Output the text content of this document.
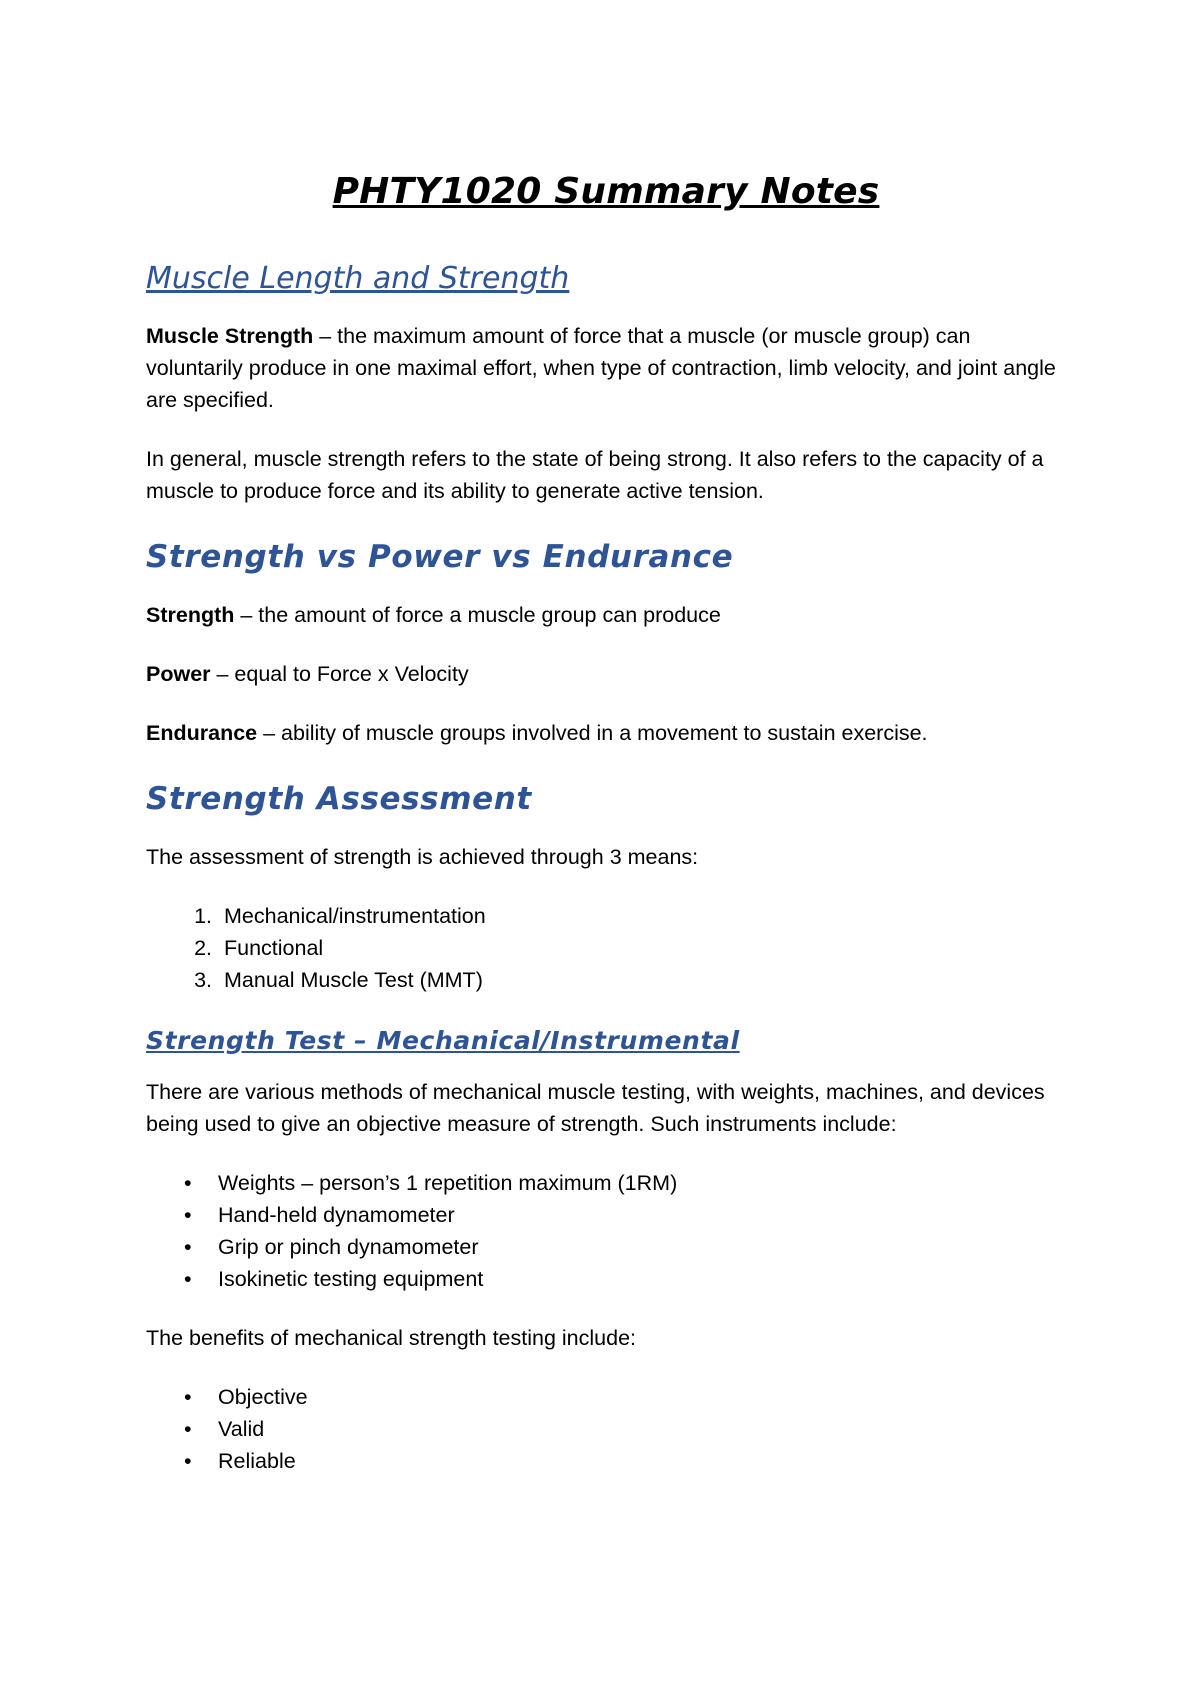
PHTY1020 Summary Notes
Muscle Length and Strength

Muscle Strength – the maximum amount of force that a muscle (or muscle group) can voluntarily produce in one maximal effort, when type of contraction, limb velocity, and joint angle are specified.

In general, muscle strength refers to the state of being strong. It also refers to the capacity of a muscle to produce force and its ability to generate active tension.

Strength vs Power vs Endurance

Strength – the amount of force a muscle group can produce

Power – equal to Force x Velocity

Endurance – ability of muscle groups involved in a movement to sustain exercise.

Strength Assessment

The assessment of strength is achieved through 3 means:

1. Mechanical/instrumentation
2. Functional
3. Manual Muscle Test (MMT)
Strength Test – Mechanical/Instrumental

There are various methods of mechanical muscle testing, with weights, machines, and devices being used to give an objective measure of strength. Such instruments include:

• Weights – person’s 1 repetition maximum (1RM)
• Hand-held dynamometer
• Grip or pinch dynamometer
• Isokinetic testing equipment

The benefits of mechanical strength testing include:

• Objective
• Valid
• Reliable
